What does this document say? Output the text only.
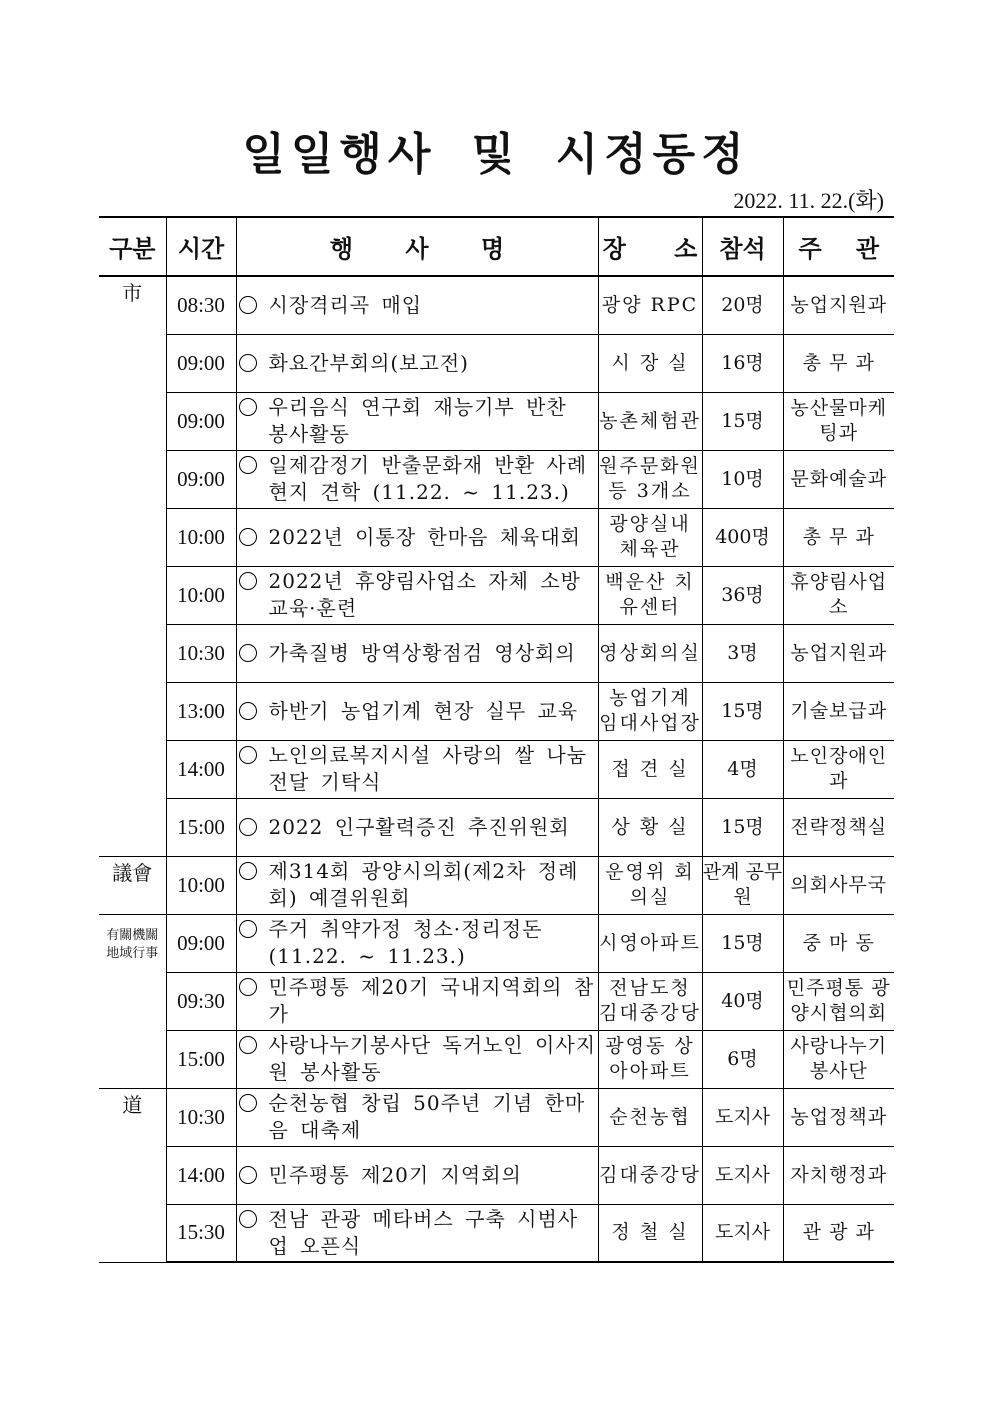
일일행사 및 시정동정
2022. 11. 22.(화)
구분	시간	행 사 명	장 소	참석	주 관
市	08:30	시장격리곡 매입	광양 RPC	20명	농업지원과
	09:00	화요간부회의(보고전)	시 장 실	16명	총 무 과
	09:00	우리음식 연구회 재능기부 반찬 봉사활동	농촌체험관	15명	농산물마케팅과
	09:00	일제감정기 반출문화재 반환 사례 현지 견학 (11.22. ~ 11.23.)	원주문화원 등 3개소	10명	문화예술과
	10:00	2022년 이통장 한마음 체육대회	광양실내 체육관	400명	총 무 과
	10:00	2022년 휴양림사업소 자체 소방교육·훈련	백운산 치유센터	36명	휴양림사업소
	10:30	가축질병 방역상황점검 영상회의	영상회의실	3명	농업지원과
	13:00	하반기 농업기계 현장 실무 교육	농업기계 임대사업장	15명	기술보급과
	14:00	노인의료복지시설 사랑의 쌀 나눔 전달 기탁식	접 견 실	4명	노인장애인과
	15:00	2022 인구활력증진 추진위원회	상 황 실	15명	전략정책실
議會	10:00	제314회 광양시의회(제2차 정례회) 예결위원회	운영위 회의실	관계 공무원	의회사무국
有關機關 地域行事	09:00	주거 취약가정 청소·정리정돈 (11.22. ~ 11.23.)	시영아파트	15명	중 마 동
	09:30	민주평통 제20기 국내지역회의 참가	전남도청 김대중강당	40명	민주평통 광양시협의회
	15:00	사랑나누기봉사단 독거노인 이사지원 봉사활동	광영동 상아아파트	6명	사랑나누기 봉사단
道	10:30	순천농협 창립 50주년 기념 한마음 대축제	순천농협	도지사	농업정책과
	14:00	민주평통 제20기 지역회의	김대중강당	도지사	자치행정과
	15:30	전남 관광 메타버스 구축 시범사업 오픈식	정 철 실	도지사	관 광 과
